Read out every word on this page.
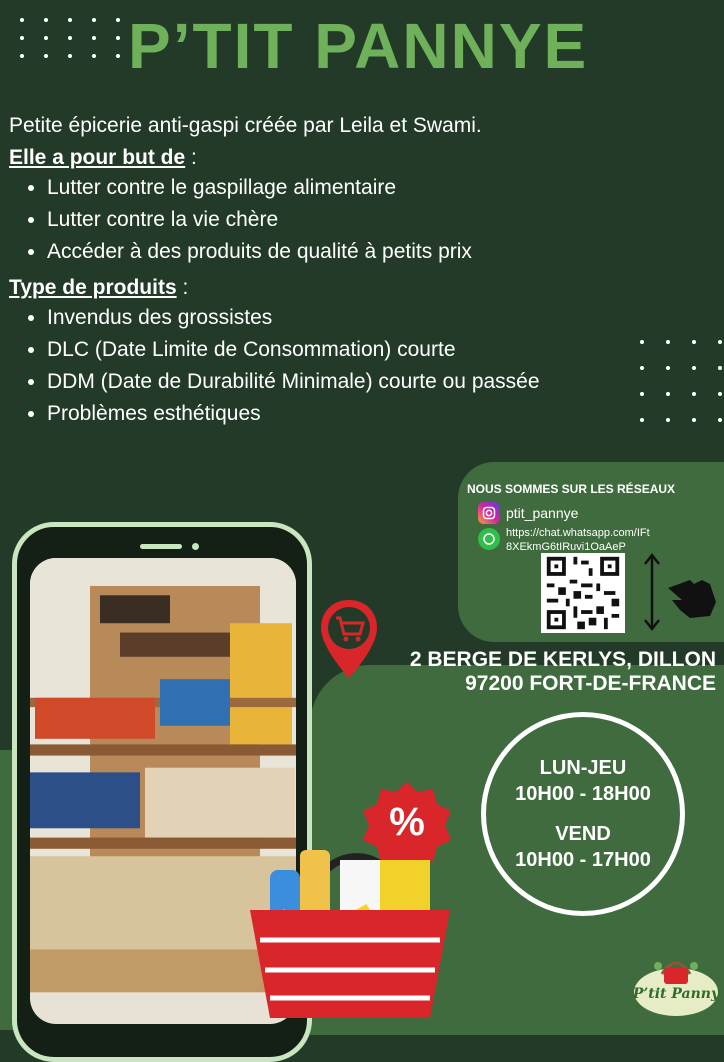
P’TIT PANNYE
Petite épicerie anti-gaspi créée par Leila et Swami.
Elle a pour but de :
• Lutter contre le gaspillage alimentaire
• Lutter contre la vie chère
• Accéder à des produits de qualité à petits prix
Type de produits :
• Invendus des grossistes
• DLC (Date Limite de Consommation) courte
• DDM (Date de Durabilité Minimale) courte ou passée
• Problèmes esthétiques
NOUS SOMMES SUR LES RÉSEAUX
ptit_pannye
https://chat.whatsapp.com/IFt
8XEkmG6tIRuvi1OaAeP
2 BERGE DE KERLYS, DILLON
97200 FORT-DE-FRANCE
LUN-JEU
10H00 - 18H00
VEND
10H00 - 17H00
%
P’tit Panny
